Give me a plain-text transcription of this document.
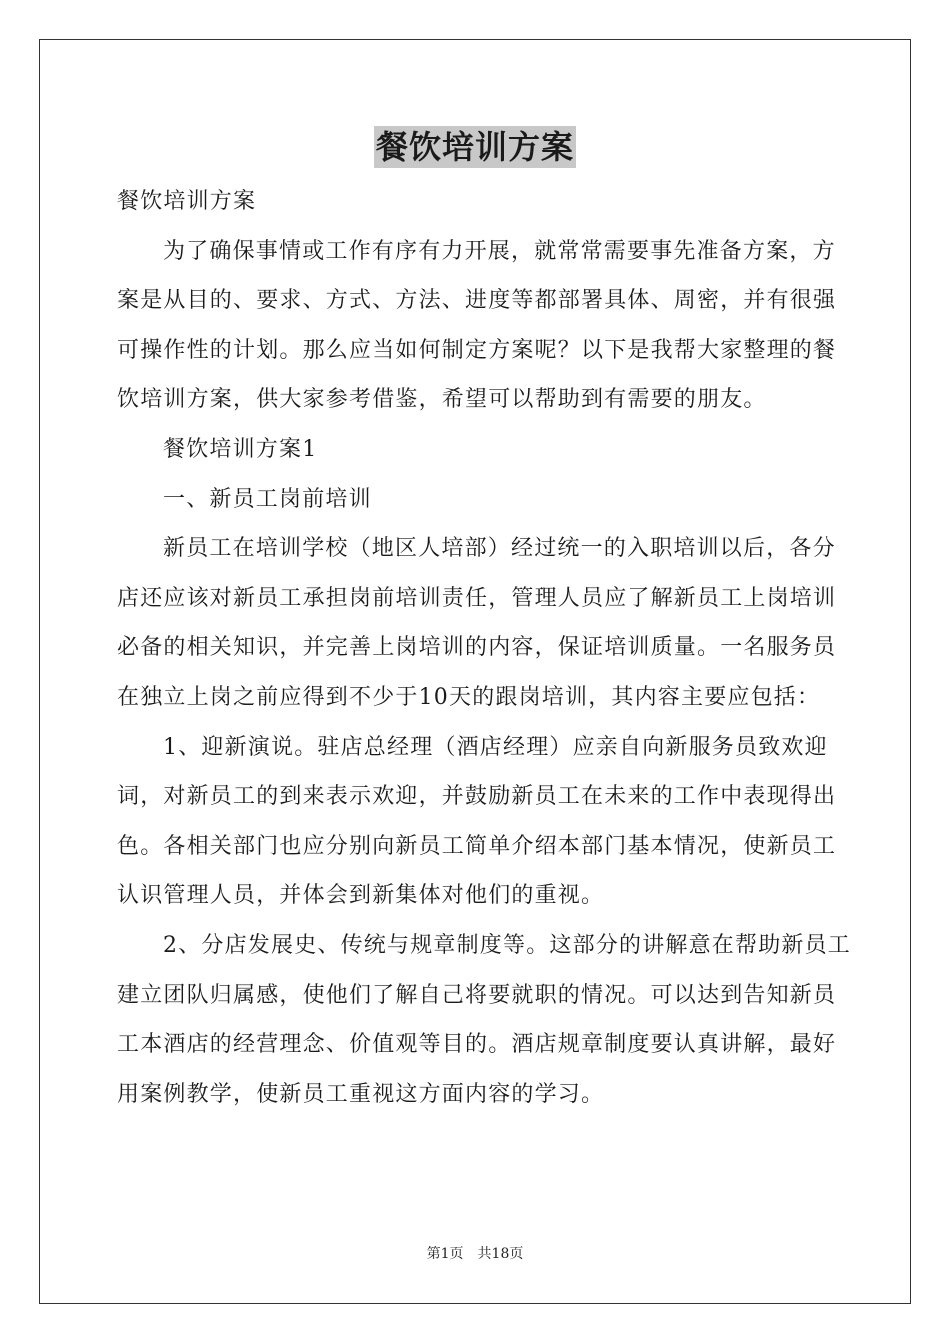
餐饮培训方案

餐饮培训方案

为了确保事情或工作有序有力开展，就常常需要事先准备方案，方案是从目的、要求、方式、方法、进度等都部署具体、周密，并有很强可操作性的计划。那么应当如何制定方案呢？以下是我帮大家整理的餐饮培训方案，供大家参考借鉴，希望可以帮助到有需要的朋友。

餐饮培训方案1

一、新员工岗前培训

新员工在培训学校（地区人培部）经过统一的入职培训以后，各分店还应该对新员工承担岗前培训责任，管理人员应了解新员工上岗培训必备的相关知识，并完善上岗培训的内容，保证培训质量。一名服务员在独立上岗之前应得到不少于10天的跟岗培训，其内容主要应包括：

1、迎新演说。驻店总经理（酒店经理）应亲自向新服务员致欢迎词，对新员工的到来表示欢迎，并鼓励新员工在未来的工作中表现得出色。各相关部门也应分别向新员工简单介绍本部门基本情况，使新员工认识管理人员，并体会到新集体对他们的重视。

2、分店发展史、传统与规章制度等。这部分的讲解意在帮助新员工建立团队归属感，使他们了解自己将要就职的情况。可以达到告知新员工本酒店的经营理念、价值观等目的。酒店规章制度要认真讲解，最好用案例教学，使新员工重视这方面内容的学习。

第1页　共18页
